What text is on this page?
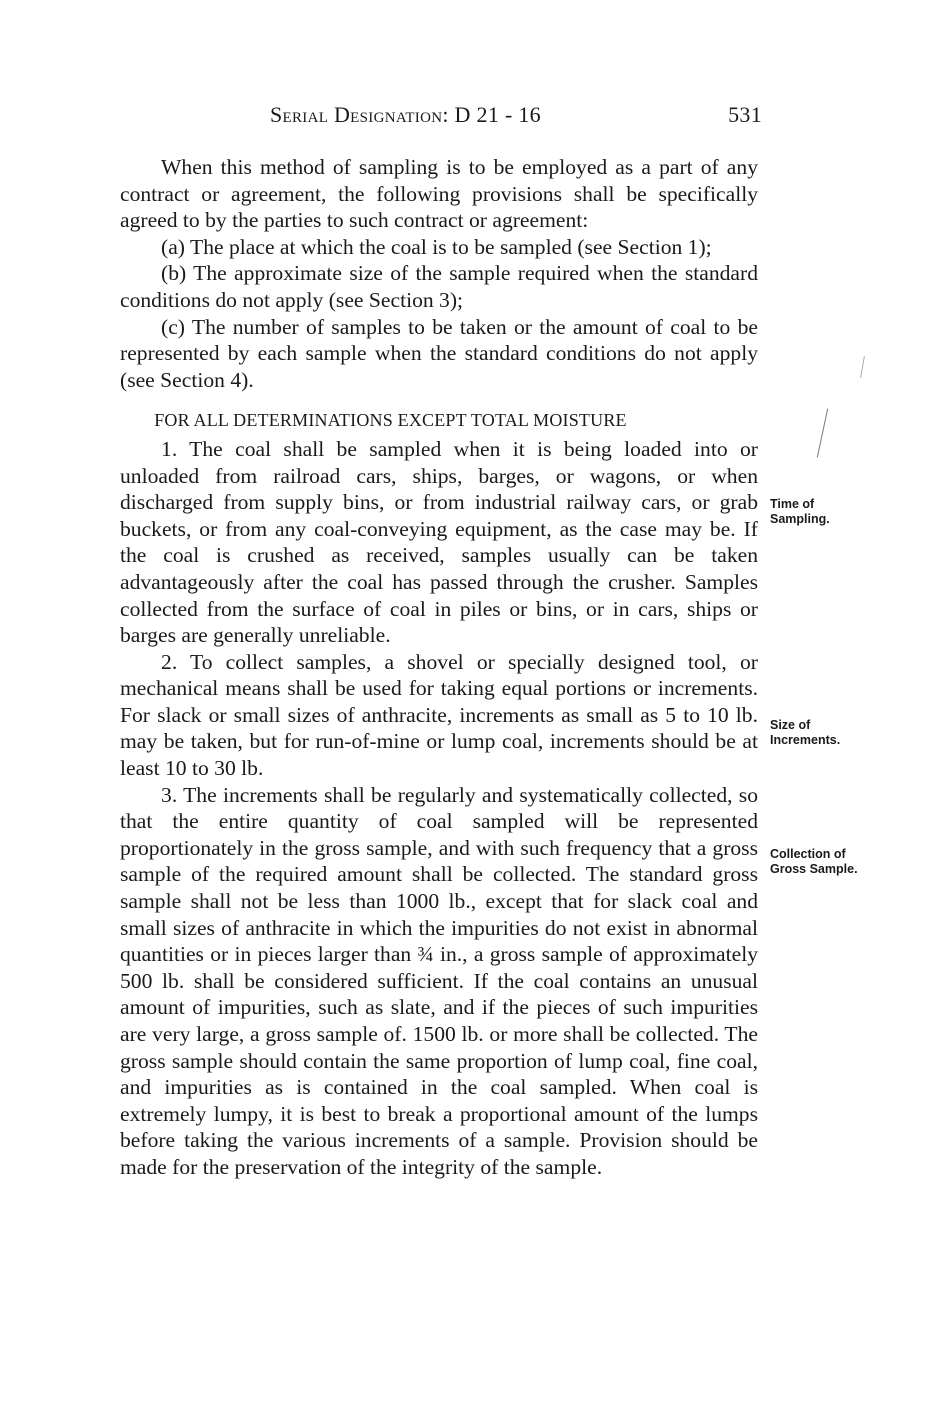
Serial Designation: D 21 - 16	531

When this method of sampling is to be employed as a part of any contract or agreement, the following provisions shall be specifically agreed to by the parties to such contract or agreement:

(a) The place at which the coal is to be sampled (see Section 1);

(b) The approximate size of the sample required when the standard conditions do not apply (see Section 3);

(c) The number of samples to be taken or the amount of coal to be represented by each sample when the standard conditions do not apply (see Section 4).

FOR ALL DETERMINATIONS EXCEPT TOTAL MOISTURE

1. The coal shall be sampled when it is being loaded into or unloaded from railroad cars, ships, barges, or wagons, or when discharged from supply bins, or from industrial railway cars, or grab buckets, or from any coal-conveying equipment, as the case may be. If the coal is crushed as received, samples usually can be taken advantageously after the coal has passed through the crusher. Samples collected from the surface of coal in piles or bins, or in cars, ships or barges are generally unreliable.

2. To collect samples, a shovel or specially designed tool, or mechanical means shall be used for taking equal portions or increments. For slack or small sizes of anthracite, increments as small as 5 to 10 lb. may be taken, but for run-of-mine or lump coal, increments should be at least 10 to 30 lb.

3. The increments shall be regularly and systematically collected, so that the entire quantity of coal sampled will be represented proportionately in the gross sample, and with such frequency that a gross sample of the required amount shall be collected. The standard gross sample shall not be less than 1000 lb., except that for slack coal and small sizes of anthracite in which the impurities do not exist in abnormal quantities or in pieces larger than ¾ in., a gross sample of approximately 500 lb. shall be considered sufficient. If the coal contains an unusual amount of impurities, such as slate, and if the pieces of such impurities are very large, a gross sample of. 1500 lb. or more shall be collected. The gross sample should contain the same proportion of lump coal, fine coal, and impurities as is contained in the coal sampled. When coal is extremely lumpy, it is best to break a proportional amount of the lumps before taking the various increments of a sample. Provision should be made for the preservation of the integrity of the sample.

Time of
Sampling.
Size of
Increments.
Collection of
Gross Sample.
